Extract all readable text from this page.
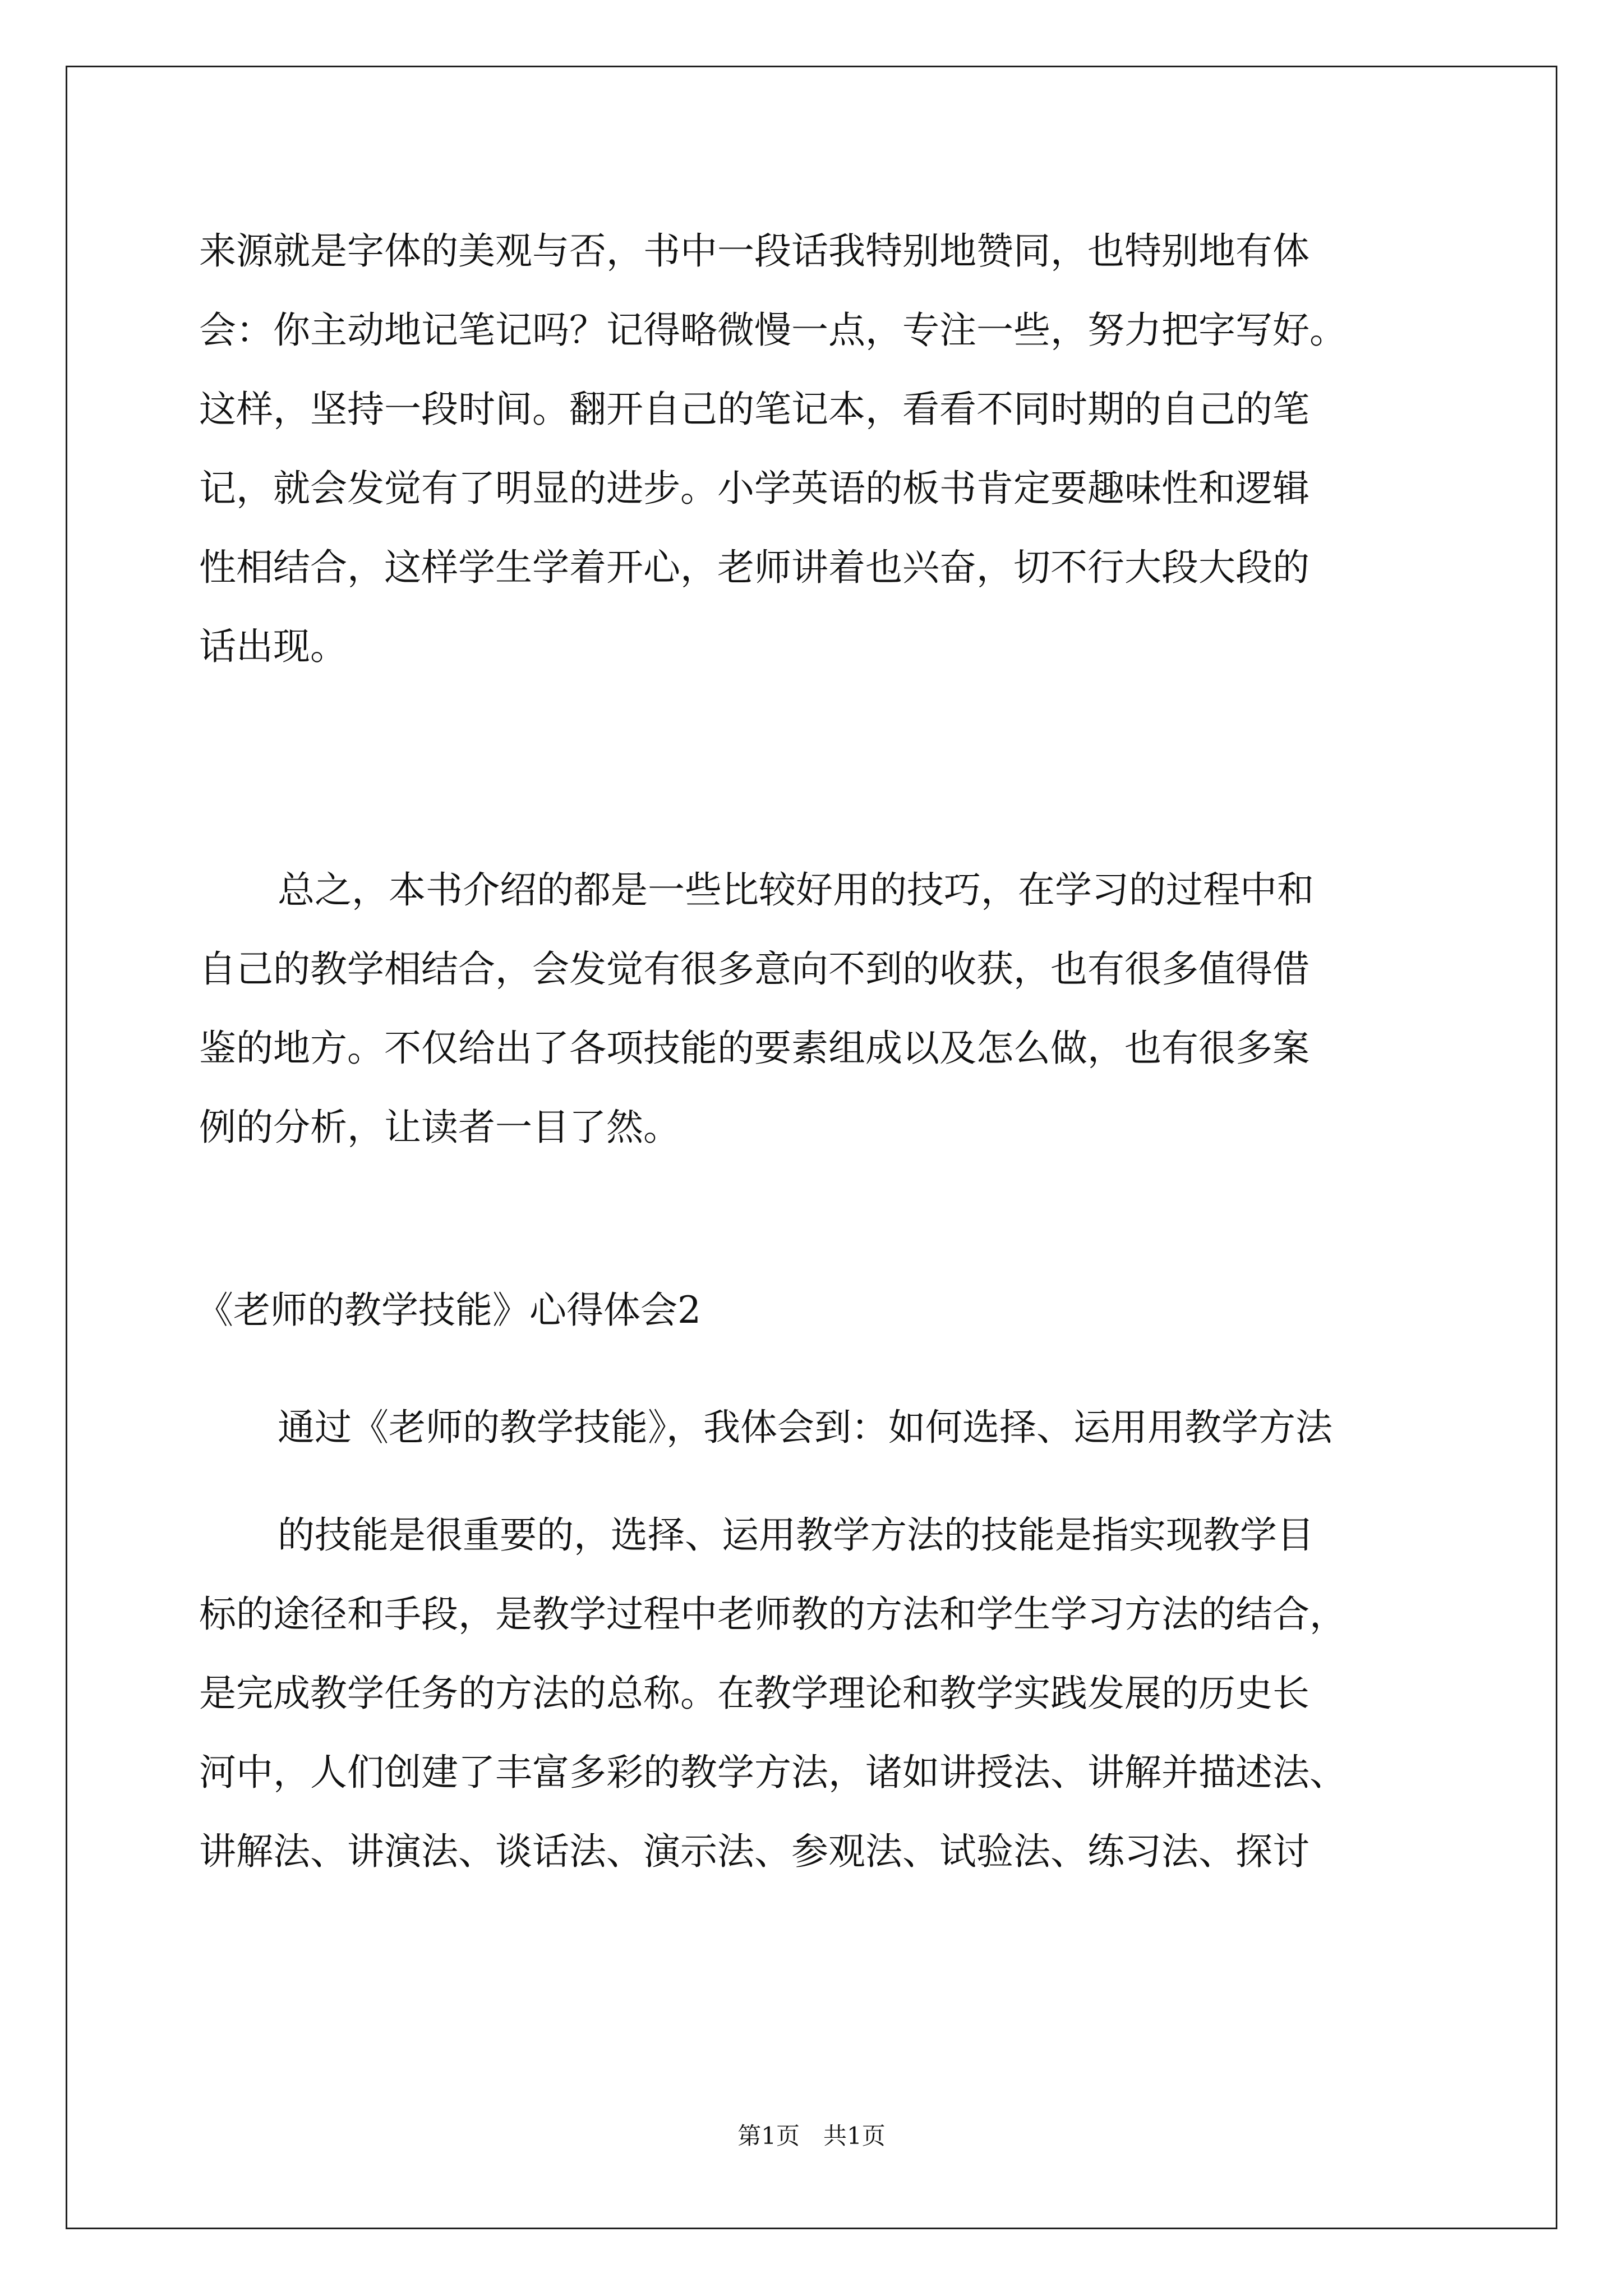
来源就是字体的美观与否，书中一段话我特别地赞同，也特别地有体
会：你主动地记笔记吗？记得略微慢一点，专注一些，努力把字写好。
这样，坚持一段时间。翻开自己的笔记本，看看不同时期的自己的笔
记，就会发觉有了明显的进步。小学英语的板书肯定要趣味性和逻辑
性相结合，这样学生学着开心，老师讲着也兴奋，切不行大段大段的
话出现。
总之，本书介绍的都是一些比较好用的技巧，在学习的过程中和
自己的教学相结合，会发觉有很多意向不到的收获，也有很多值得借
鉴的地方。不仅给出了各项技能的要素组成以及怎么做，也有很多案
例的分析，让读者一目了然。
《老师的教学技能》心得体会2
通过《老师的教学技能》，我体会到：如何选择、运用用教学方法
的技能是很重要的，选择、运用教学方法的技能是指实现教学目
标的途径和手段，是教学过程中老师教的方法和学生学习方法的结合，
是完成教学任务的方法的总称。在教学理论和教学实践发展的历史长
河中，人们创建了丰富多彩的教学方法，诸如讲授法、讲解并描述法、
讲解法、讲演法、谈话法、演示法、参观法、试验法、练习法、探讨
第1页　共1页
